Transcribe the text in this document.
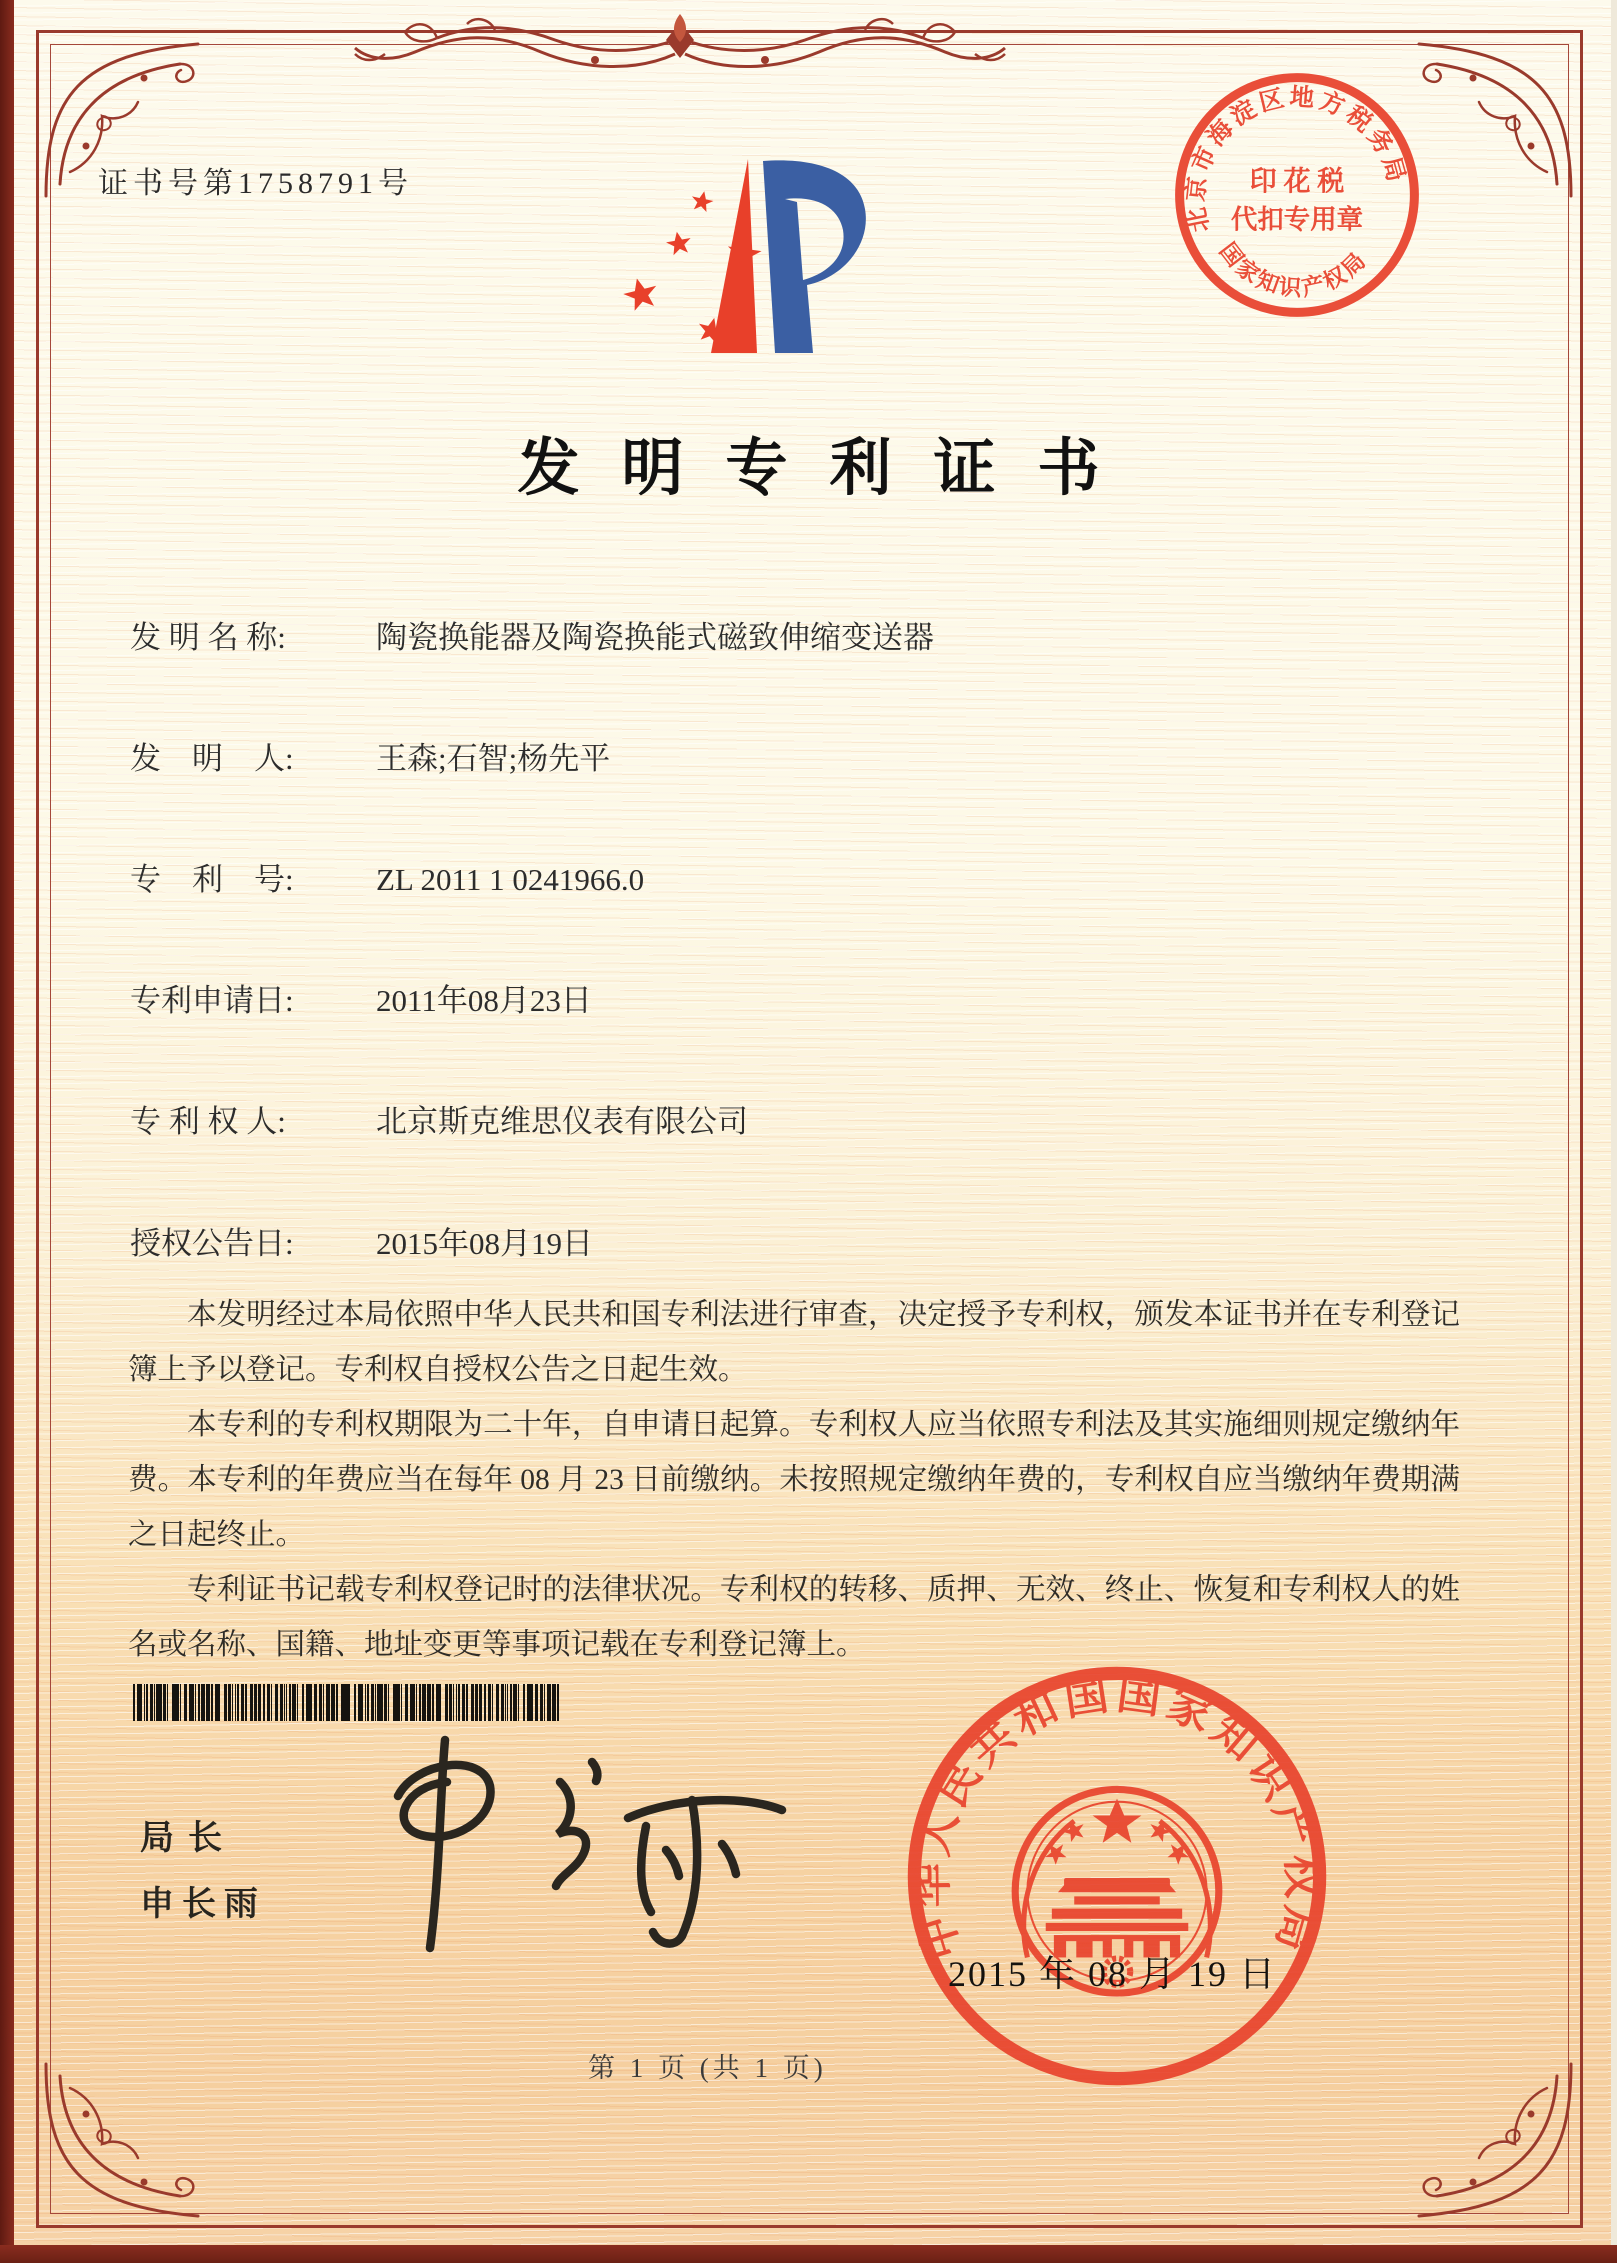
证书号第1758791号
北京市海淀区地方税务局
印 花 税
代扣专用章
国家知识产权局
发明专利证书
发 明 名 称:	陶瓷换能器及陶瓷换能式磁致伸缩变送器
发　明　人:	王森;石智;杨先平
专　利　号:	ZL 2011 1 0241966.0
专利申请日:	2011年08月23日
专 利 权 人:	北京斯克维思仪表有限公司
授权公告日:	2015年08月19日

本发明经过本局依照中华人民共和国专利法进行审查，决定授予专利权，颁发本证书并在专利登记簿上予以登记。专利权自授权公告之日起生效。

本专利的专利权期限为二十年，自申请日起算。专利权人应当依照专利法及其实施细则规定缴纳年费。本专利的年费应当在每年 08 月 23 日前缴纳。未按照规定缴纳年费的，专利权自应当缴纳年费期满之日起终止。

专利证书记载专利权登记时的法律状况。专利权的转移、质押、无效、终止、恢复和专利权人的姓名或名称、国籍、地址变更等事项记载在专利登记簿上。

局长
申长雨
中华人民共和国国家知识产权局
2015 年 08 月 19 日
第 1 页 (共 1 页)
